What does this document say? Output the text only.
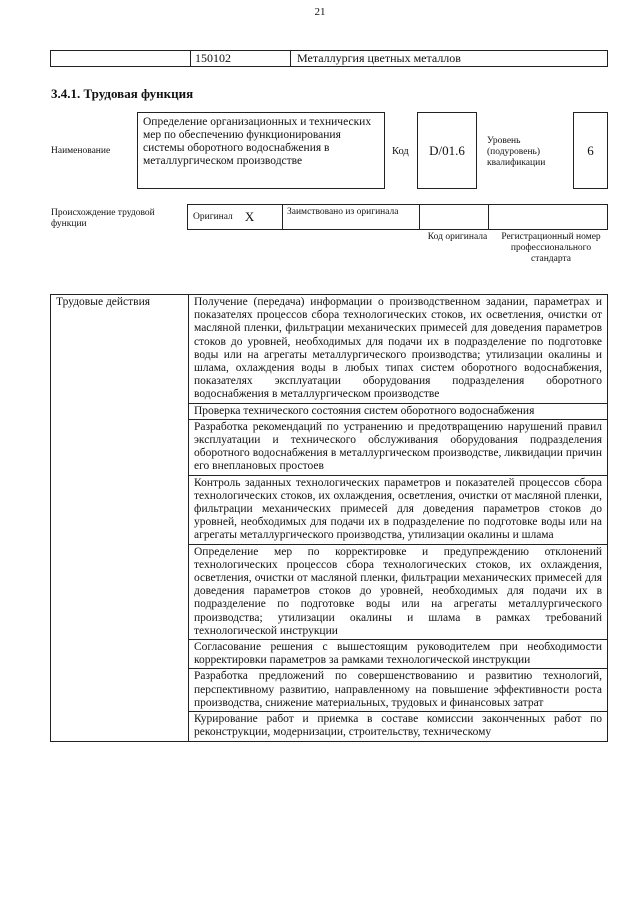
21
150102	Металлургия цветных металлов
3.4.1. Трудовая функция
Наименование
Определение организационных и технических мер по обеспечению функционирования системы оборотного водоснабжения в металлургическом производстве
Код	D/01.6
Уровень (подуровень) квалификации
6
Происхождение трудовой функции
Оригинал X	Заимствовано из оригинала
Код оригинала	Регистрационный номер профессионального стандарта
Трудовые действия	Получение (передача) информации о производственном задании, параметрах и показателях процессов сбора технологических стоков, их осветления, очистки от масляной пленки, фильтрации механических примесей для доведения параметров стоков до уровней, необходимых для подачи их в подразделение по подготовке воды или на агрегаты металлургического производства; утилизации окалины и шлама, охлаждения воды в любых типах систем оборотного водоснабжения, показателях эксплуатации оборудования подразделения оборотного водоснабжения в металлургическом производстве
Проверка технического состояния систем оборотного водоснабжения
Разработка рекомендаций по устранению и предотвращению нарушений правил эксплуатации и технического обслуживания оборудования подразделения оборотного водоснабжения в металлургическом производстве, ликвидации причин его внеплановых простоев
Контроль заданных технологических параметров и показателей процессов сбора технологических стоков, их охлаждения, осветления, очистки от масляной пленки, фильтрации механических примесей для доведения параметров стоков до уровней, необходимых для подачи их в подразделение по подготовке воды или на агрегаты металлургического производства, утилизации окалины и шлама
Определение мер по корректировке и предупреждению отклонений технологических процессов сбора технологических стоков, их охлаждения, осветления, очистки от масляной пленки, фильтрации механических примесей для доведения параметров стоков до уровней, необходимых для подачи их в подразделение по подготовке воды или на агрегаты металлургического производства; утилизации окалины и шлама в рамках требований технологической инструкции
Согласование решения с вышестоящим руководителем при необходимости корректировки параметров за рамками технологической инструкции
Разработка предложений по совершенствованию и развитию технологий, перспективному развитию, направленному на повышение эффективности роста производства, снижение материальных, трудовых и финансовых затрат
Курирование работ и приемка в составе комиссии законченных работ по реконструкции, модернизации, строительству, техническому
